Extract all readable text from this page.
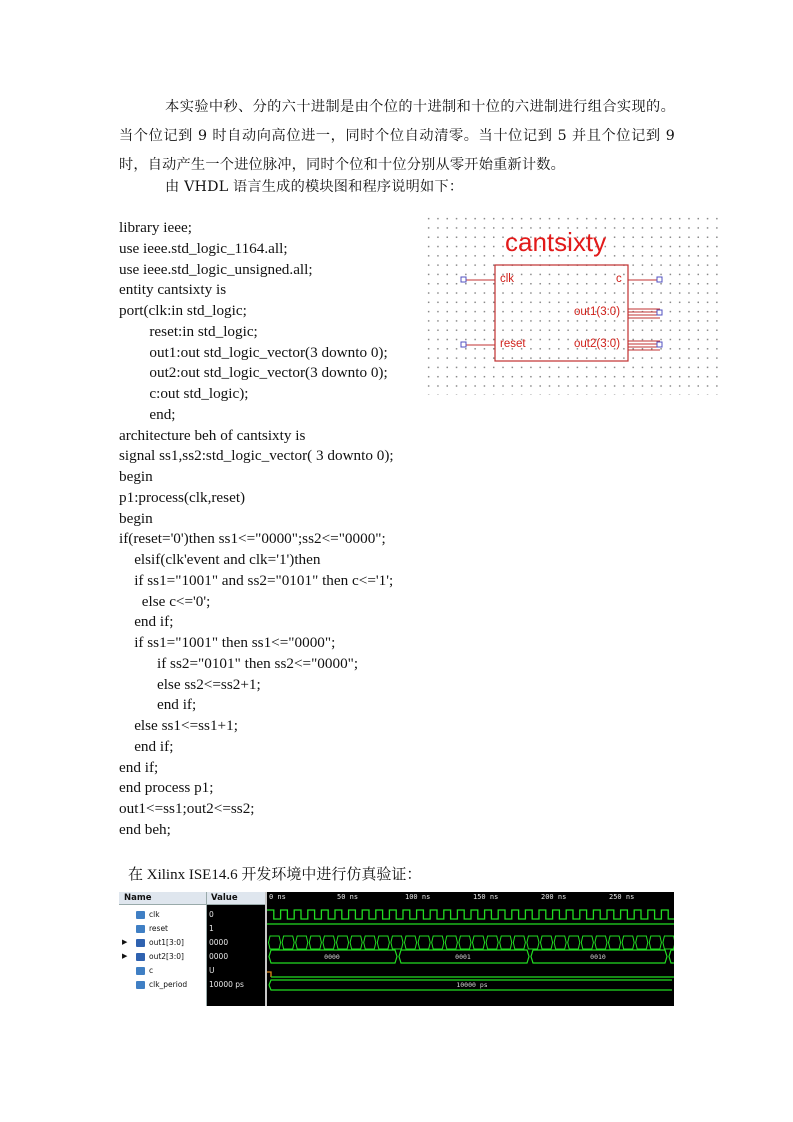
本实验中秒、分的六十进制是由个位的十进制和十位的六进制进行组合实现的。当个位记到 9 时自动向高位进一，同时个位自动清零。当十位记到 5 并且个位记到 9 时，自动产生一个进位脉冲，同时个位和十位分别从零开始重新计数。
由 VHDL 语言生成的模块图和程序说明如下：
library ieee;
use ieee.std_logic_1164.all;
use ieee.std_logic_unsigned.all;
entity cantsixty is
port(clk:in std_logic;
reset:in std_logic;
out1:out std_logic_vector(3 downto 0);
out2:out std_logic_vector(3 downto 0);
c:out std_logic);
end;
architecture beh of cantsixty is
signal ss1,ss2:std_logic_vector( 3 downto 0);
begin
p1:process(clk,reset)
begin
if(reset='0')then ss1<="0000";ss2<="0000";
elsif(clk'event and clk='1')then
if ss1="1001" and ss2="0101" then c<='1';
else c<='0';
end if;
if ss1="1001" then ss1<="0000";
if ss2="0101" then ss2<="0000";
else ss2<=ss2+1;
end if;
else ss1<=ss1+1;
end if;
end if;
end process p1;
out1<=ss1;out2<=ss2;
end beh;
cantsixty
clk
reset
c
out1(3:0)
out2(3:0)
在 Xilinx ISE14.6 开发环境中进行仿真验证：
Name	Value	0 ns	50 ns	100 ns	150 ns	200 ns	250 ns
clk	0
reset	1
▶	out1[3:0]	0000
▶	out2[3:0]	0000
c	U
clk_period	10000 ps
0000	0001	0010
10000 ps
